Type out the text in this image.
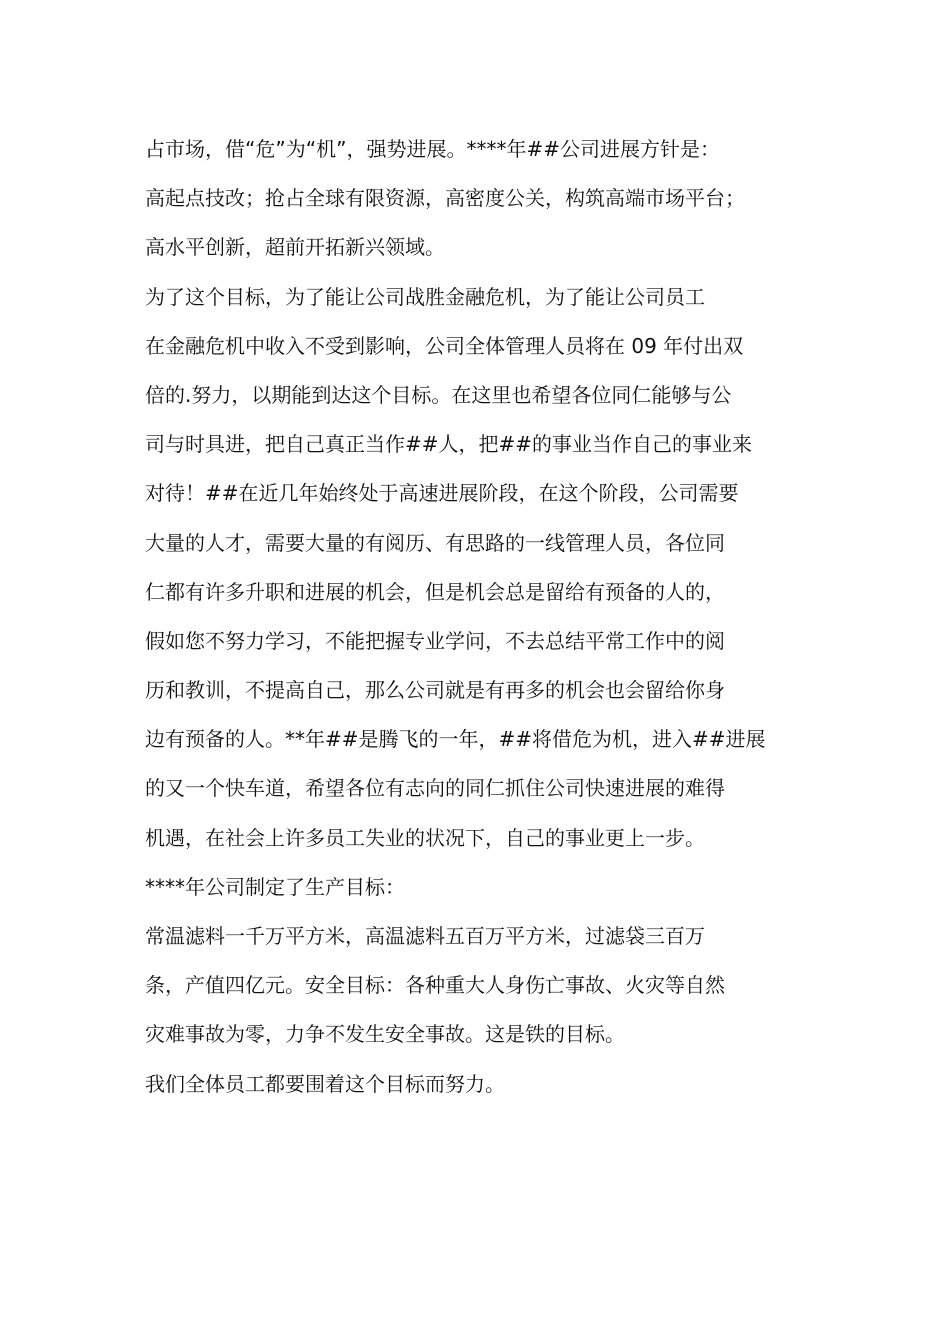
占市场，借“危”为“机”，强势进展。****年##公司进展方针是：
高起点技改；抢占全球有限资源，高密度公关，构筑高端市场平台；
高水平创新，超前开拓新兴领域。
为了这个目标，为了能让公司战胜金融危机，为了能让公司员工
在金融危机中收入不受到影响，公司全体管理人员将在 09 年付出双
倍的.努力，以期能到达这个目标。在这里也希望各位同仁能够与公
司与时具进，把自己真正当作##人，把##的事业当作自己的事业来
对待！##在近几年始终处于高速进展阶段，在这个阶段，公司需要
大量的人才，需要大量的有阅历、有思路的一线管理人员，各位同
仁都有许多升职和进展的机会，但是机会总是留给有预备的人的，
假如您不努力学习，不能把握专业学问，不去总结平常工作中的阅
历和教训，不提高自己，那么公司就是有再多的机会也会留给你身
边有预备的人。**年##是腾飞的一年，##将借危为机，进入##进展
的又一个快车道，希望各位有志向的同仁抓住公司快速进展的难得
机遇，在社会上许多员工失业的状况下，自己的事业更上一步。
****年公司制定了生产目标：
常温滤料一千万平方米，高温滤料五百万平方米，过滤袋三百万
条，产值四亿元。安全目标：各种重大人身伤亡事故、火灾等自然
灾难事故为零，力争不发生安全事故。这是铁的目标。
我们全体员工都要围着这个目标而努力。
